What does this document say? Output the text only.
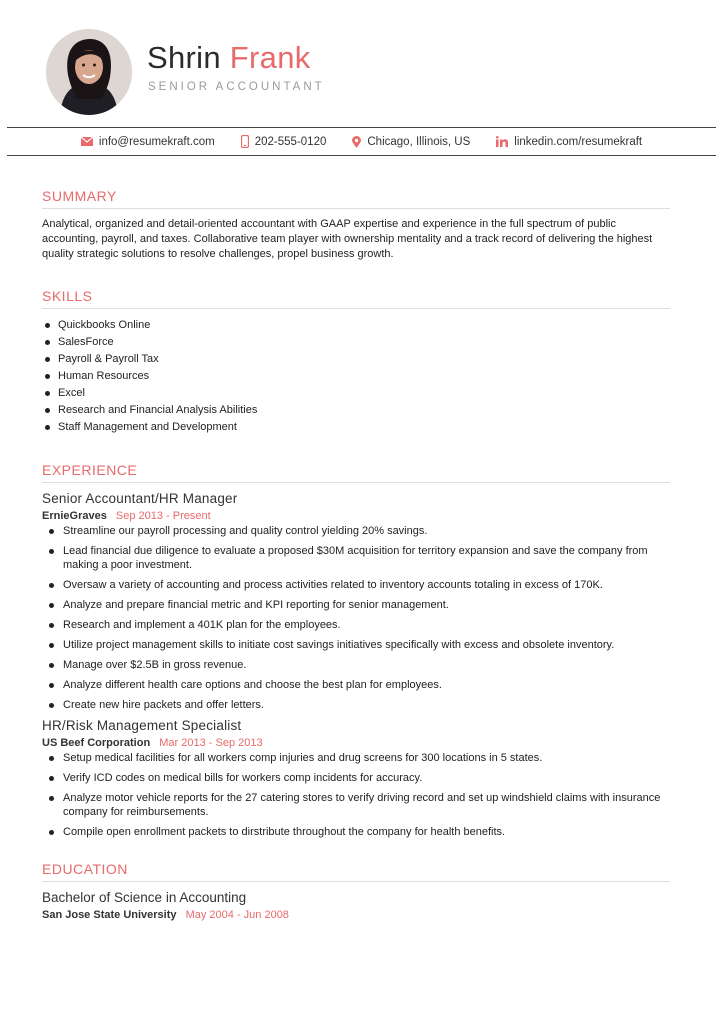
Shrin Frank
SENIOR ACCOUNTANT
info@resumekraft.com	202-555-0120	Chicago, Illinois, US	linkedin.com/resumekraft
SUMMARY

Analytical, organized and detail-oriented accountant with GAAP expertise and experience in the full spectrum of public accounting, payroll, and taxes. Collaborative team player with ownership mentality and a track record of delivering the highest quality strategic solutions to resolve challenges, propel business growth.

SKILLS
Quickbooks Online
SalesForce
Payroll & Payroll Tax
Human Resources
Excel
Research and Financial Analysis Abilities
Staff Management and Development
EXPERIENCE
Senior Accountant/HR Manager
ErnieGraves Sep 2013 - Present
Streamline our payroll processing and quality control yielding 20% savings.
Lead financial due diligence to evaluate a proposed $30M acquisition for territory expansion and save the company from making a poor investment.
Oversaw a variety of accounting and process activities related to inventory accounts totaling in excess of 170K.
Analyze and prepare financial metric and KPI reporting for senior management.
Research and implement a 401K plan for the employees.
Utilize project management skills to initiate cost savings initiatives specifically with excess and obsolete inventory.
Manage over $2.5B in gross revenue.
Analyze different health care options and choose the best plan for employees.
Create new hire packets and offer letters.
HR/Risk Management Specialist
US Beef Corporation Mar 2013 - Sep 2013
Setup medical facilities for all workers comp injuries and drug screens for 300 locations in 5 states.
Verify ICD codes on medical bills for workers comp incidents for accuracy.
Analyze motor vehicle reports for the 27 catering stores to verify driving record and set up windshield claims with insurance company for reimbursements.
Compile open enrollment packets to dirstribute throughout the company for health benefits.
EDUCATION
Bachelor of Science in Accounting
San Jose State University May 2004 - Jun 2008
